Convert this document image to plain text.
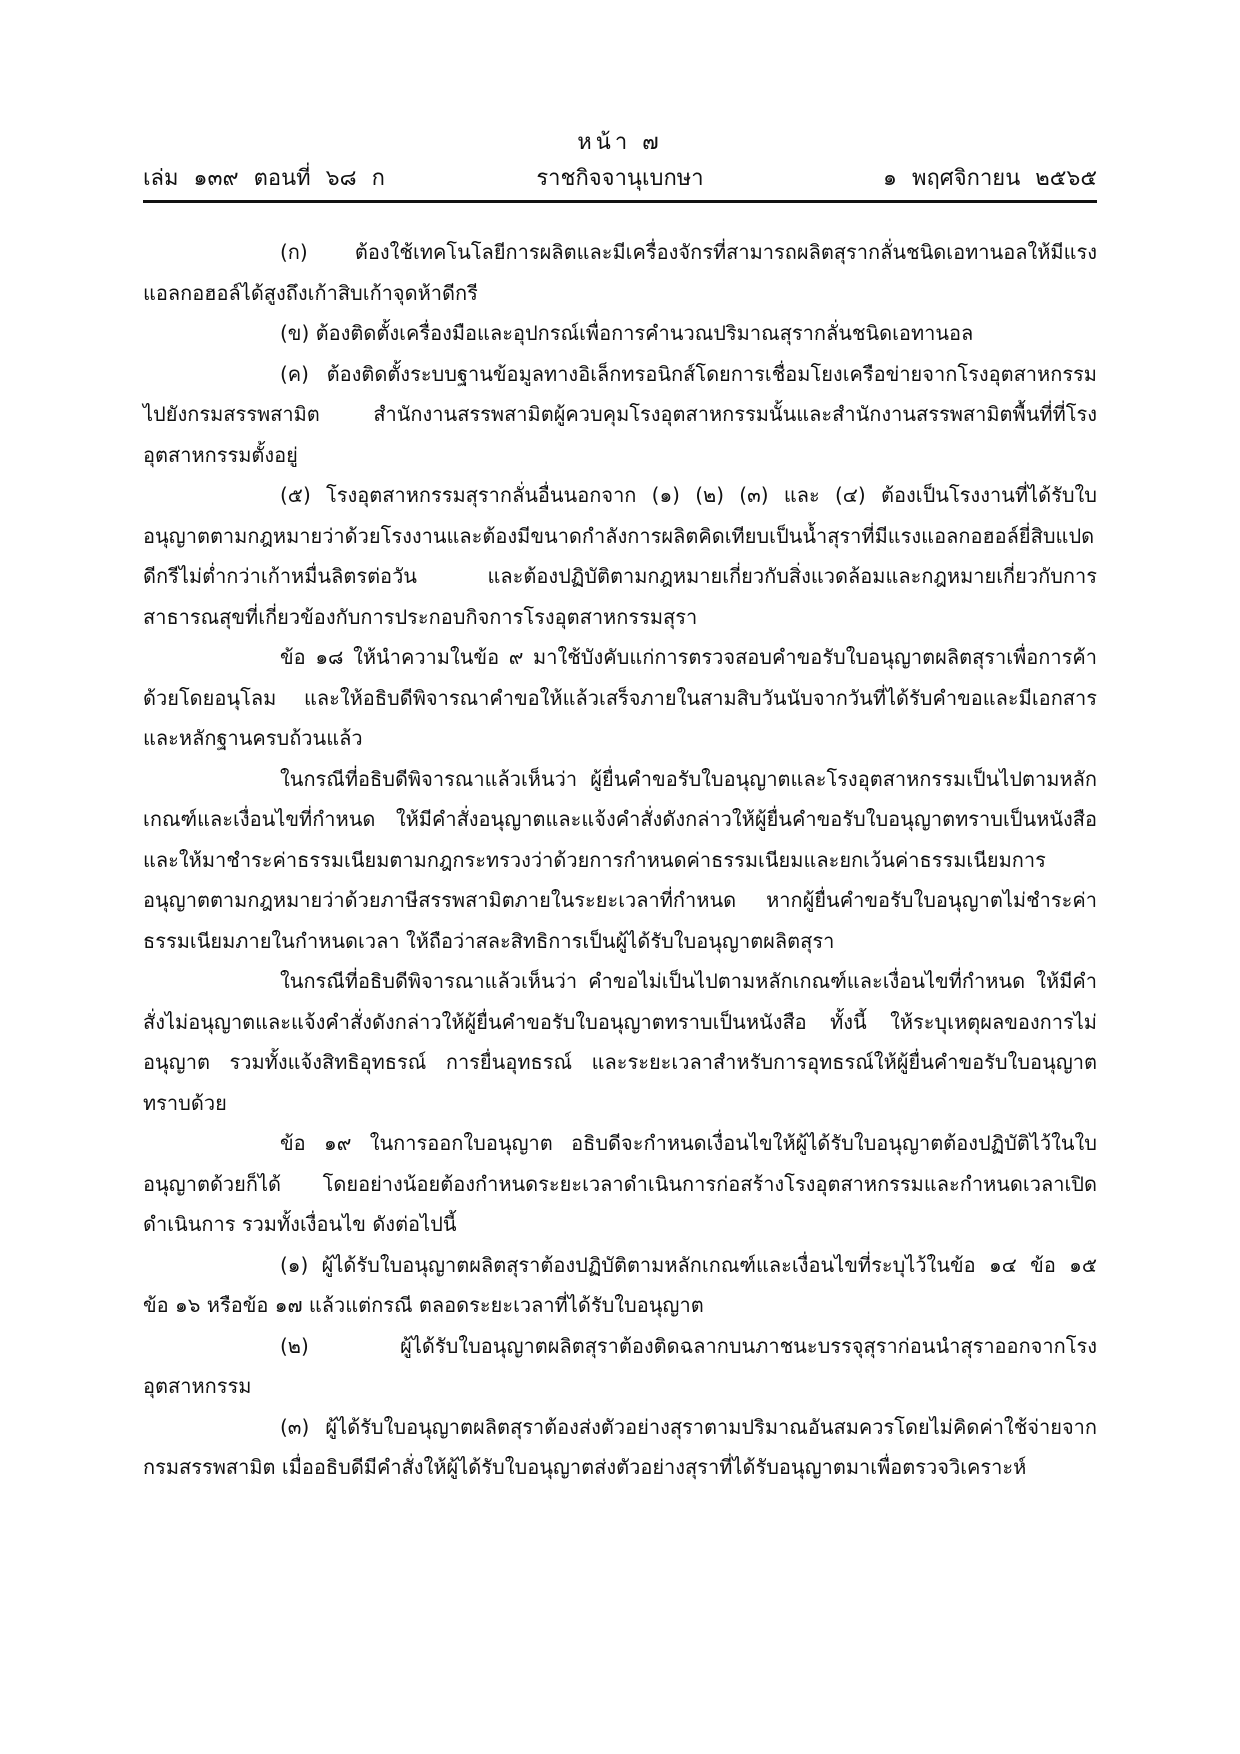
หน้า ๗
ราชกิจจานุเบกษา
เล่ม ๑๓๙ ตอนที่ ๖๘ ก	๑ พฤศจิกายน ๒๕๖๕

(ก) ต้องใช้เทคโนโลยีการผลิตและมีเครื่องจักรที่สามารถผลิตสุรากลั่นชนิดเอทานอลให้มีแรงแอลกอฮอล์ได้สูงถึงเก้าสิบเก้าจุดห้าดีกรี

(ข) ต้องติดตั้งเครื่องมือและอุปกรณ์เพื่อการคำนวณปริมาณสุรากลั่นชนิดเอทานอล

(ค) ต้องติดตั้งระบบฐานข้อมูลทางอิเล็กทรอนิกส์โดยการเชื่อมโยงเครือข่ายจากโรงอุตสาหกรรมไปยังกรมสรรพสามิต สำนักงานสรรพสามิตผู้ควบคุมโรงอุตสาหกรรมนั้นและสำนักงานสรรพสามิตพื้นที่ที่โรงอุตสาหกรรมตั้งอยู่

(๕) โรงอุตสาหกรรมสุรากลั่นอื่นนอกจาก (๑) (๒) (๓) และ (๔) ต้องเป็นโรงงานที่ได้รับใบอนุญาตตามกฎหมายว่าด้วยโรงงานและต้องมีขนาดกำลังการผลิตคิดเทียบเป็นน้ำสุราที่มีแรงแอลกอฮอล์ยี่สิบแปดดีกรีไม่ต่ำกว่าเก้าหมื่นลิตรต่อวัน และต้องปฏิบัติตามกฎหมายเกี่ยวกับสิ่งแวดล้อมและกฎหมายเกี่ยวกับการสาธารณสุขที่เกี่ยวข้องกับการประกอบกิจการโรงอุตสาหกรรมสุรา

ข้อ ๑๘ ให้นำความในข้อ ๙ มาใช้บังคับแก่การตรวจสอบคำขอรับใบอนุญาตผลิตสุราเพื่อการค้าด้วยโดยอนุโลม และให้อธิบดีพิจารณาคำขอให้แล้วเสร็จภายในสามสิบวันนับจากวันที่ได้รับคำขอและมีเอกสารและหลักฐานครบถ้วนแล้ว

ในกรณีที่อธิบดีพิจารณาแล้วเห็นว่า ผู้ยื่นคำขอรับใบอนุญาตและโรงอุตสาหกรรมเป็นไปตามหลักเกณฑ์และเงื่อนไขที่กำหนด ให้มีคำสั่งอนุญาตและแจ้งคำสั่งดังกล่าวให้ผู้ยื่นคำขอรับใบอนุญาตทราบเป็นหนังสือ และให้มาชำระค่าธรรมเนียมตามกฎกระทรวงว่าด้วยการกำหนดค่าธรรมเนียมและยกเว้นค่าธรรมเนียมการอนุญาตตามกฎหมายว่าด้วยภาษีสรรพสามิตภายในระยะเวลาที่กำหนด หากผู้ยื่นคำขอรับใบอนุญาตไม่ชำระค่าธรรมเนียมภายในกำหนดเวลา ให้ถือว่าสละสิทธิการเป็นผู้ได้รับใบอนุญาตผลิตสุรา

ในกรณีที่อธิบดีพิจารณาแล้วเห็นว่า คำขอไม่เป็นไปตามหลักเกณฑ์และเงื่อนไขที่กำหนด ให้มีคำสั่งไม่อนุญาตและแจ้งคำสั่งดังกล่าวให้ผู้ยื่นคำขอรับใบอนุญาตทราบเป็นหนังสือ ทั้งนี้ ให้ระบุเหตุผลของการไม่อนุญาต รวมทั้งแจ้งสิทธิอุทธรณ์ การยื่นอุทธรณ์ และระยะเวลาสำหรับการอุทธรณ์ให้ผู้ยื่นคำขอรับใบอนุญาตทราบด้วย

ข้อ ๑๙ ในการออกใบอนุญาต อธิบดีจะกำหนดเงื่อนไขให้ผู้ได้รับใบอนุญาตต้องปฏิบัติไว้ในใบอนุญาตด้วยก็ได้ โดยอย่างน้อยต้องกำหนดระยะเวลาดำเนินการก่อสร้างโรงอุตสาหกรรมและกำหนดเวลาเปิดดำเนินการ รวมทั้งเงื่อนไข ดังต่อไปนี้

(๑) ผู้ได้รับใบอนุญาตผลิตสุราต้องปฏิบัติตามหลักเกณฑ์และเงื่อนไขที่ระบุไว้ในข้อ ๑๔ ข้อ ๑๕ ข้อ ๑๖ หรือข้อ ๑๗ แล้วแต่กรณี ตลอดระยะเวลาที่ได้รับใบอนุญาต

(๒) ผู้ได้รับใบอนุญาตผลิตสุราต้องติดฉลากบนภาชนะบรรจุสุราก่อนนำสุราออกจากโรงอุตสาหกรรม

(๓) ผู้ได้รับใบอนุญาตผลิตสุราต้องส่งตัวอย่างสุราตามปริมาณอันสมควรโดยไม่คิดค่าใช้จ่ายจากกรมสรรพสามิต เมื่ออธิบดีมีคำสั่งให้ผู้ได้รับใบอนุญาตส่งตัวอย่างสุราที่ได้รับอนุญาตมาเพื่อตรวจวิเคราะห์
